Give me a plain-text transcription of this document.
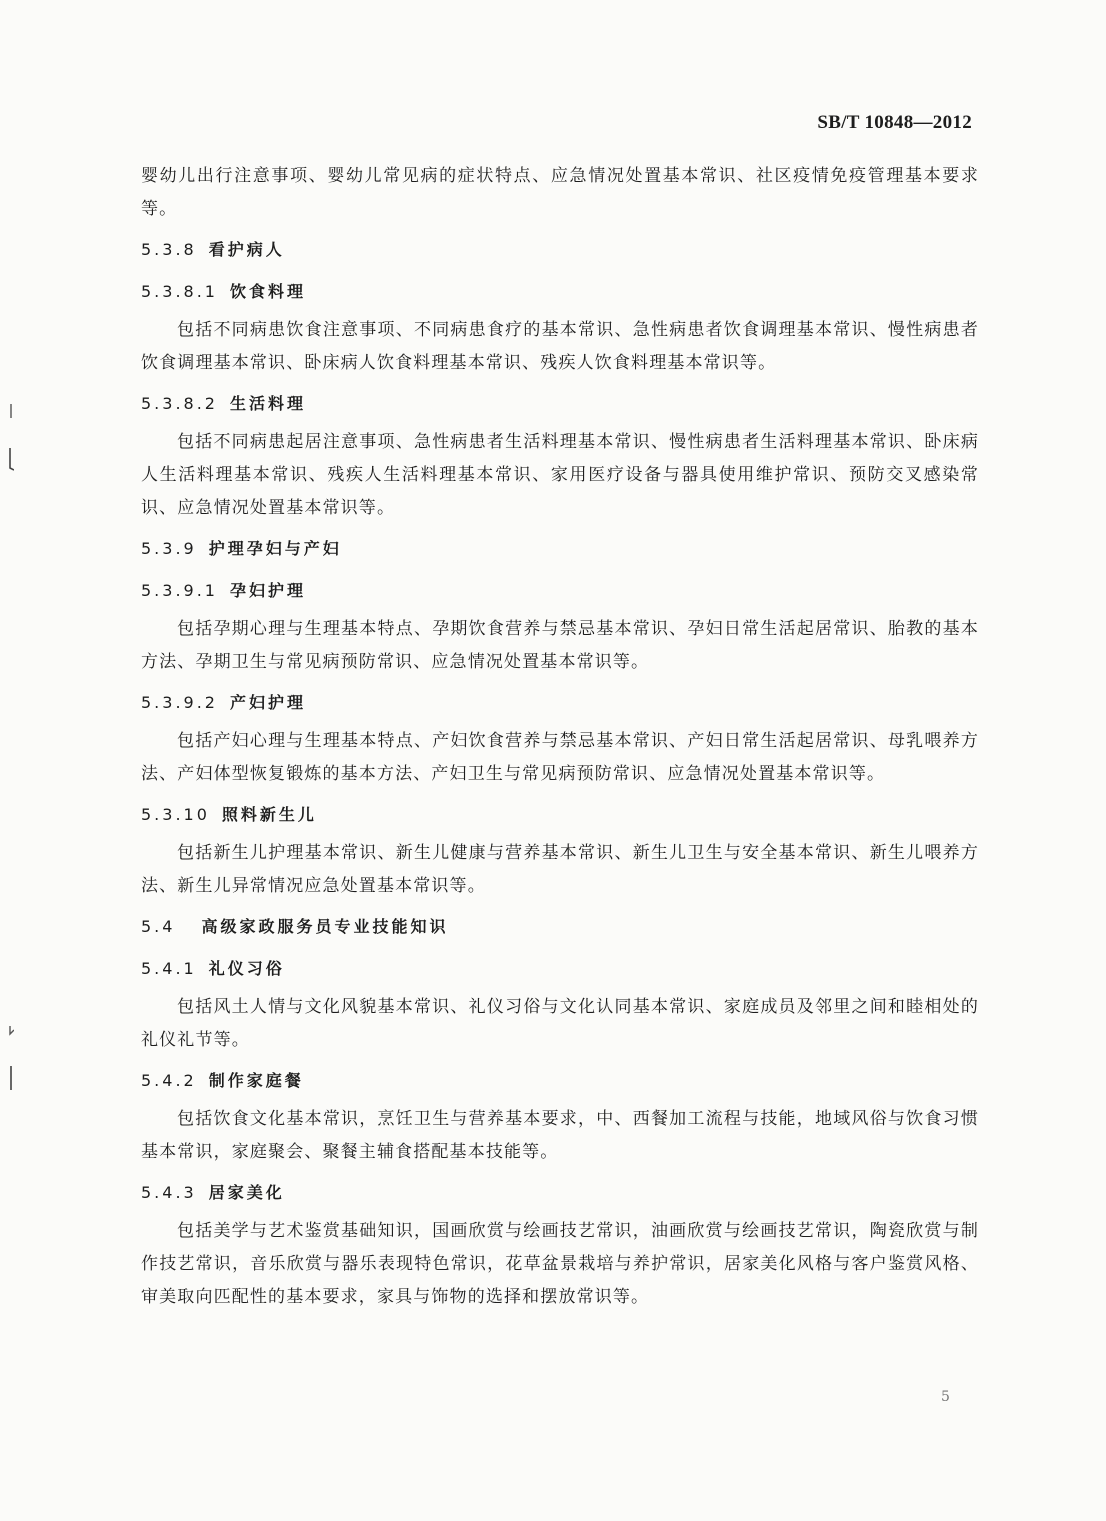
SB/T 10848—2012

婴幼儿出行注意事项、婴幼儿常见病的症状特点、应急情况处置基本常识、社区疫情免疫管理基本要求等。

5.3.8 看护病人
5.3.8.1 饮食料理

包括不同病患饮食注意事项、不同病患食疗的基本常识、急性病患者饮食调理基本常识、慢性病患者饮食调理基本常识、卧床病人饮食料理基本常识、残疾人饮食料理基本常识等。

5.3.8.2 生活料理

包括不同病患起居注意事项、急性病患者生活料理基本常识、慢性病患者生活料理基本常识、卧床病人生活料理基本常识、残疾人生活料理基本常识、家用医疗设备与器具使用维护常识、预防交叉感染常识、应急情况处置基本常识等。

5.3.9 护理孕妇与产妇
5.3.9.1 孕妇护理

包括孕期心理与生理基本特点、孕期饮食营养与禁忌基本常识、孕妇日常生活起居常识、胎教的基本方法、孕期卫生与常见病预防常识、应急情况处置基本常识等。

5.3.9.2 产妇护理

包括产妇心理与生理基本特点、产妇饮食营养与禁忌基本常识、产妇日常生活起居常识、母乳喂养方法、产妇体型恢复锻炼的基本方法、产妇卫生与常见病预防常识、应急情况处置基本常识等。

5.3.10 照料新生儿

包括新生儿护理基本常识、新生儿健康与营养基本常识、新生儿卫生与安全基本常识、新生儿喂养方法、新生儿异常情况应急处置基本常识等。

5.4 高级家政服务员专业技能知识
5.4.1 礼仪习俗

包括风土人情与文化风貌基本常识、礼仪习俗与文化认同基本常识、家庭成员及邻里之间和睦相处的礼仪礼节等。

5.4.2 制作家庭餐

包括饮食文化基本常识，烹饪卫生与营养基本要求，中、西餐加工流程与技能，地域风俗与饮食习惯基本常识，家庭聚会、聚餐主辅食搭配基本技能等。

5.4.3 居家美化

包括美学与艺术鉴赏基础知识，国画欣赏与绘画技艺常识，油画欣赏与绘画技艺常识，陶瓷欣赏与制作技艺常识，音乐欣赏与器乐表现特色常识，花草盆景栽培与养护常识，居家美化风格与客户鉴赏风格、审美取向匹配性的基本要求，家具与饰物的选择和摆放常识等。

5
